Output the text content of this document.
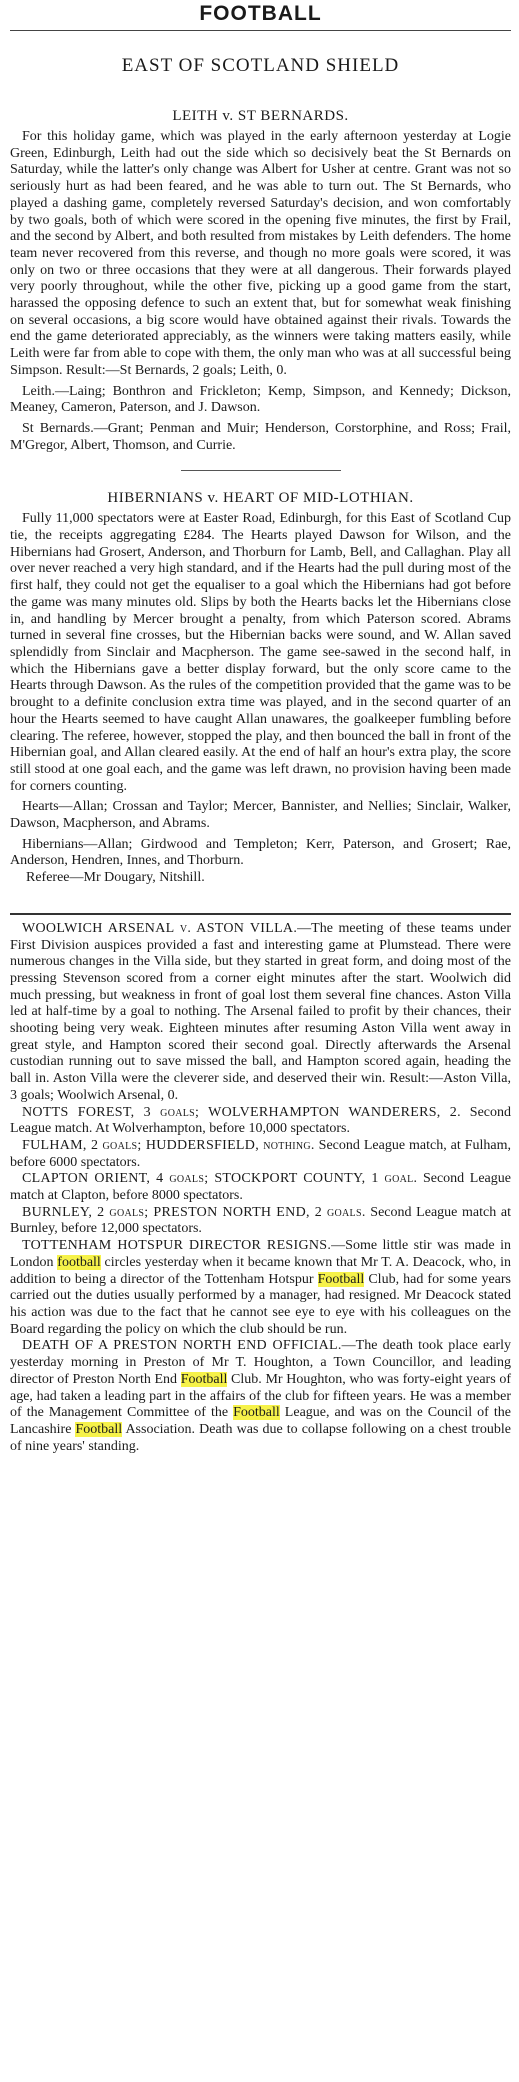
FOOTBALL
EAST OF SCOTLAND SHIELD
LEITH v. ST BERNARDS.

For this holiday game, which was played in the early afternoon yesterday at Logie Green, Edinburgh, Leith had out the side which so decisively beat the St Bernards on Saturday, while the latter's only change was Albert for Usher at centre. Grant was not so seriously hurt as had been feared, and he was able to turn out. The St Bernards, who played a dashing game, completely reversed Saturday's decision, and won comfortably by two goals, both of which were scored in the opening five minutes, the first by Frail, and the second by Albert, and both resulted from mistakes by Leith defenders. The home team never recovered from this reverse, and though no more goals were scored, it was only on two or three occasions that they were at all dangerous. Their forwards played very poorly throughout, while the other five, picking up a good game from the start, harassed the opposing defence to such an extent that, but for somewhat weak finishing on several occasions, a big score would have obtained against their rivals. Towards the end the game deteriorated appreciably, as the winners were taking matters easily, while Leith were far from able to cope with them, the only man who was at all successful being Simpson. Result:—St Bernards, 2 goals; Leith, 0.

Leith.—Laing; Bonthron and Frickleton; Kemp, Simpson, and Kennedy; Dickson, Meaney, Cameron, Paterson, and J. Dawson.

St Bernards.—Grant; Penman and Muir; Henderson, Corstorphine, and Ross; Frail, M'Gregor, Albert, Thomson, and Currie.

HIBERNIANS v. HEART OF MID-LOTHIAN.

Fully 11,000 spectators were at Easter Road, Edinburgh, for this East of Scotland Cup tie, the receipts aggregating £284. The Hearts played Dawson for Wilson, and the Hibernians had Grosert, Anderson, and Thorburn for Lamb, Bell, and Callaghan. Play all over never reached a very high standard, and if the Hearts had the pull during most of the first half, they could not get the equaliser to a goal which the Hibernians had got before the game was many minutes old. Slips by both the Hearts backs let the Hibernians close in, and handling by Mercer brought a penalty, from which Paterson scored. Abrams turned in several fine crosses, but the Hibernian backs were sound, and W. Allan saved splendidly from Sinclair and Macpherson. The game see-sawed in the second half, in which the Hibernians gave a better display forward, but the only score came to the Hearts through Dawson. As the rules of the competition provided that the game was to be brought to a definite conclusion extra time was played, and in the second quarter of an hour the Hearts seemed to have caught Allan unawares, the goalkeeper fumbling before clearing. The referee, however, stopped the play, and then bounced the ball in front of the Hibernian goal, and Allan cleared easily. At the end of half an hour's extra play, the score still stood at one goal each, and the game was left drawn, no provision having been made for corners counting.

Hearts—Allan; Crossan and Taylor; Mercer, Bannister, and Nellies; Sinclair, Walker, Dawson, Macpherson, and Abrams.

Hibernians—Allan; Girdwood and Templeton; Kerr, Paterson, and Grosert; Rae, Anderson, Hendren, Innes, and Thorburn.

Referee—Mr Dougary, Nitshill.

WOOLWICH ARSENAL v. ASTON VILLA.—The meeting of these teams under First Division auspices provided a fast and interesting game at Plumstead. There were numerous changes in the Villa side, but they started in great form, and doing most of the pressing Stevenson scored from a corner eight minutes after the start. Woolwich did much pressing, but weakness in front of goal lost them several fine chances. Aston Villa led at half-time by a goal to nothing. The Arsenal failed to profit by their chances, their shooting being very weak. Eighteen minutes after resuming Aston Villa went away in great style, and Hampton scored their second goal. Directly afterwards the Arsenal custodian running out to save missed the ball, and Hampton scored again, heading the ball in. Aston Villa were the cleverer side, and deserved their win. Result:—Aston Villa, 3 goals; Woolwich Arsenal, 0.

NOTTS FOREST, 3 goals; WOLVERHAMPTON WANDERERS, 2. Second League match. At Wolverhampton, before 10,000 spectators.

FULHAM, 2 goals; HUDDERSFIELD, nothing. Second League match, at Fulham, before 6000 spectators.

CLAPTON ORIENT, 4 goals; STOCKPORT COUNTY, 1 goal. Second League match at Clapton, before 8000 spectators.

BURNLEY, 2 goals; PRESTON NORTH END, 2 goals. Second League match at Burnley, before 12,000 spectators.

TOTTENHAM HOTSPUR DIRECTOR RESIGNS.—Some little stir was made in London football circles yesterday when it became known that Mr T. A. Deacock, who, in addition to being a director of the Tottenham Hotspur Football Club, had for some years carried out the duties usually performed by a manager, had resigned. Mr Deacock stated his action was due to the fact that he cannot see eye to eye with his colleagues on the Board regarding the policy on which the club should be run.

DEATH OF A PRESTON NORTH END OFFICIAL.—The death took place early yesterday morning in Preston of Mr T. Houghton, a Town Councillor, and leading director of Preston North End Football Club. Mr Houghton, who was forty-eight years of age, had taken a leading part in the affairs of the club for fifteen years. He was a member of the Management Committee of the Football League, and was on the Council of the Lancashire Football Association. Death was due to collapse following on a chest trouble of nine years' standing.
